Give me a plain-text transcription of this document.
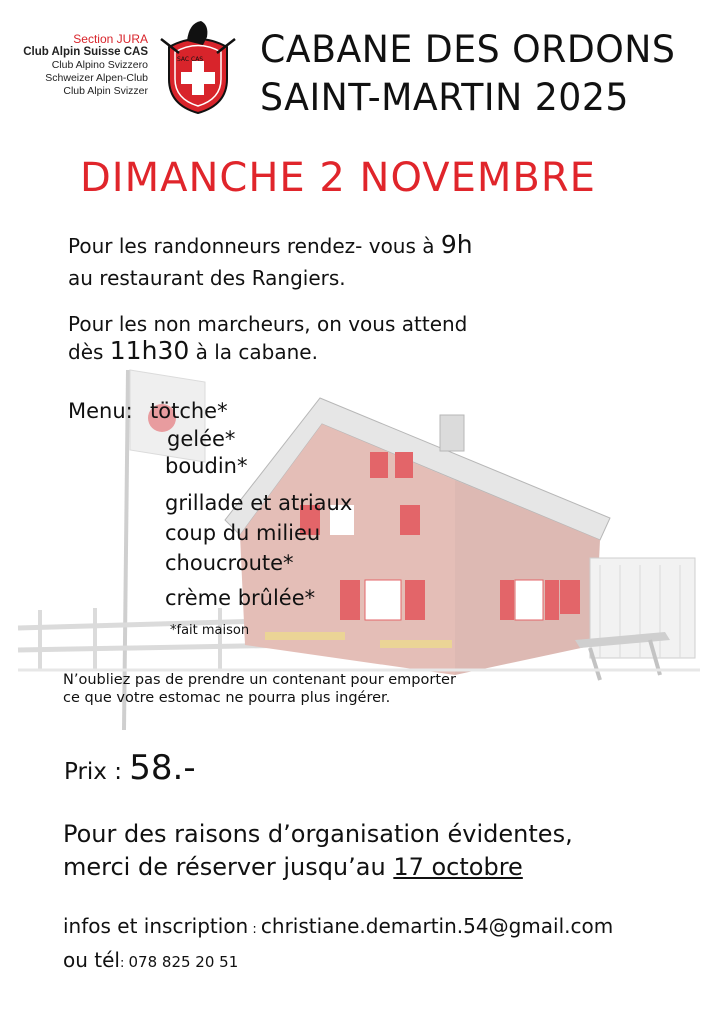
Section JURA
Club Alpin Suisse CAS
Club Alpino Svizzero
Schweizer Alpen-Club
Club Alpin Svizzer
SAC CAS CABANE DES ORDONS
SAINT-MARTIN 2025
DIMANCHE 2 NOVEMBRE
Pour les randonneurs rendez- vous à 9h
au restaurant des Rangiers.
Pour les non marcheurs, on vous attend
dès 11h30 à la cabane.
Menu: tötche*
gelée*
boudin*
grillade et atriaux
coup du milieu
choucroute*
crème brûlée*
*fait maison
N’oubliez pas de prendre un contenant pour emporter
ce que votre estomac ne pourra plus ingérer.
Prix : 58.-
Pour des raisons d’organisation évidentes,
merci de réserver jusqu’au 17 octobre
infos et inscription : christiane.demartin.54@gmail.com
ou tél: 078 825 20 51
